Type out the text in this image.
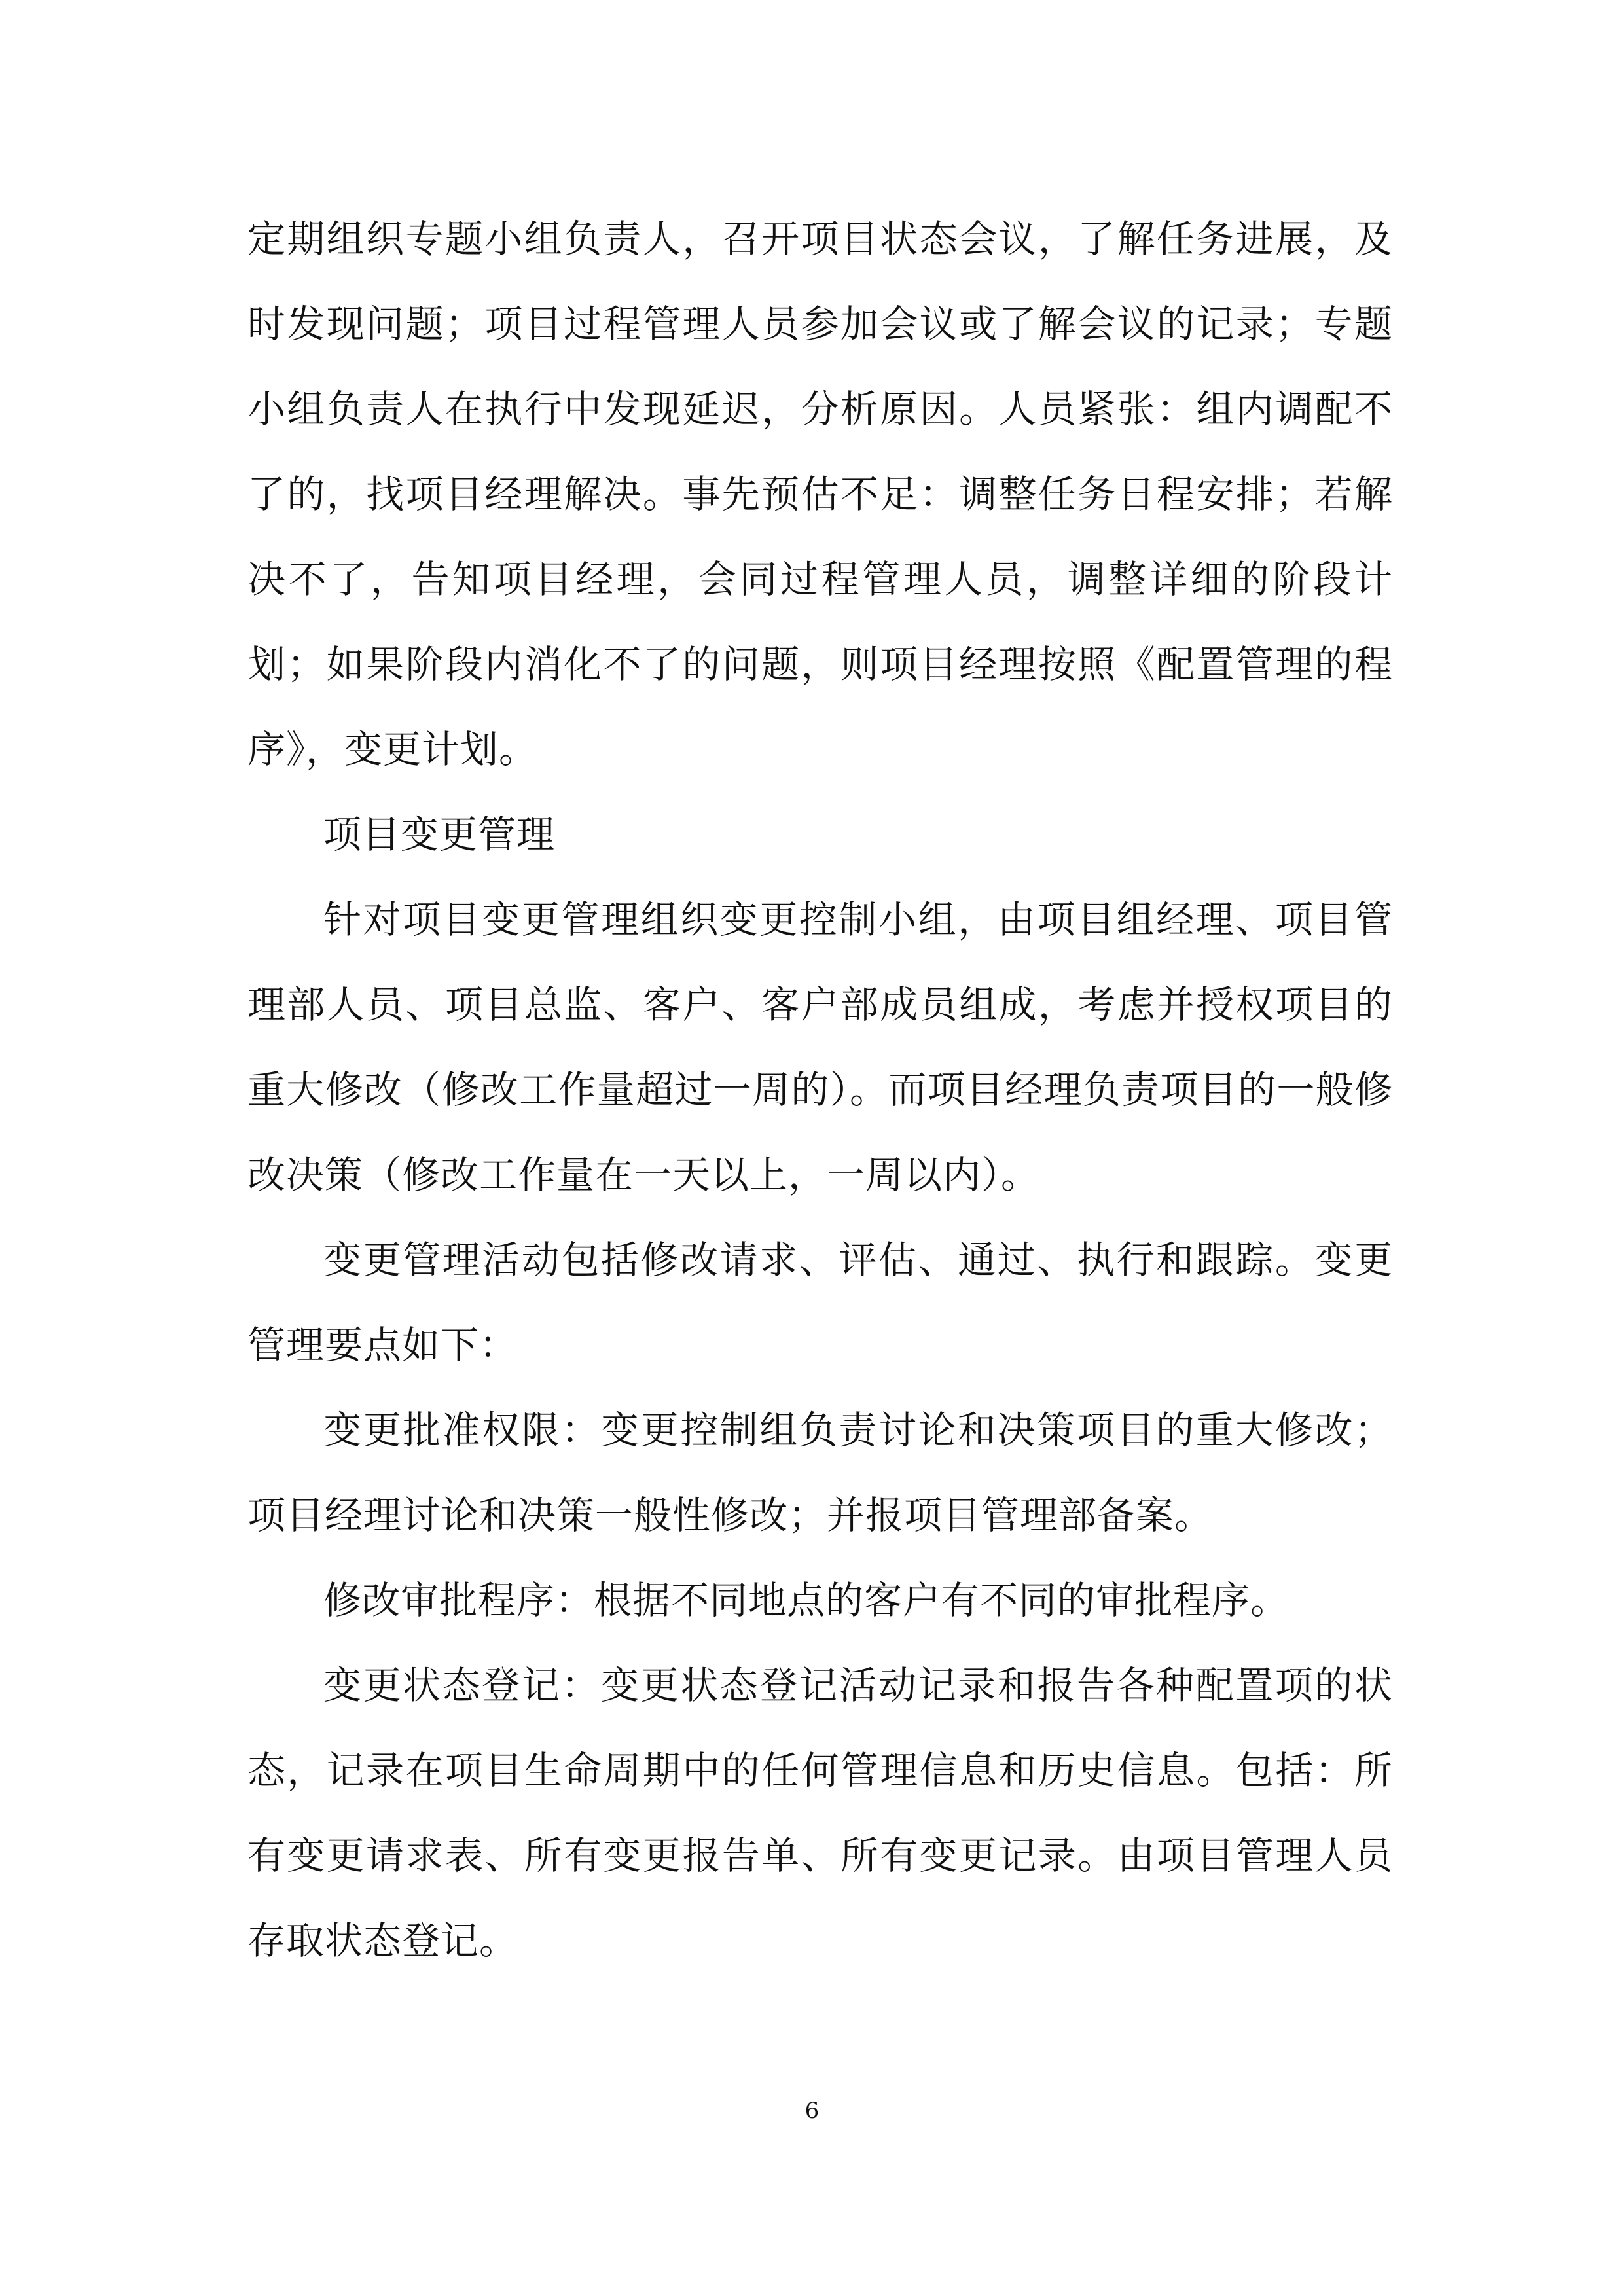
定期组织专题小组负责人，召开项目状态会议，了解任务进展，及时发现问题；项目过程管理人员参加会议或了解会议的记录；专题小组负责人在执行中发现延迟，分析原因。人员紧张：组内调配不了的，找项目经理解决。事先预估不足：调整任务日程安排；若解决不了，告知项目经理，会同过程管理人员，调整详细的阶段计划；如果阶段内消化不了的问题，则项目经理按照《配置管理的程序》，变更计划。

项目变更管理

针对项目变更管理组织变更控制小组，由项目组经理、项目管理部人员、项目总监、客户、客户部成员组成，考虑并授权项目的重大修改（修改工作量超过一周的）。而项目经理负责项目的一般修改决策（修改工作量在一天以上，一周以内）。

变更管理活动包括修改请求、评估、通过、执行和跟踪。变更管理要点如下：

变更批准权限：变更控制组负责讨论和决策项目的重大修改；项目经理讨论和决策一般性修改；并报项目管理部备案。

修改审批程序：根据不同地点的客户有不同的审批程序。

变更状态登记：变更状态登记活动记录和报告各种配置项的状态，记录在项目生命周期中的任何管理信息和历史信息。包括：所有变更请求表、所有变更报告单、所有变更记录。由项目管理人员存取状态登记。

6
